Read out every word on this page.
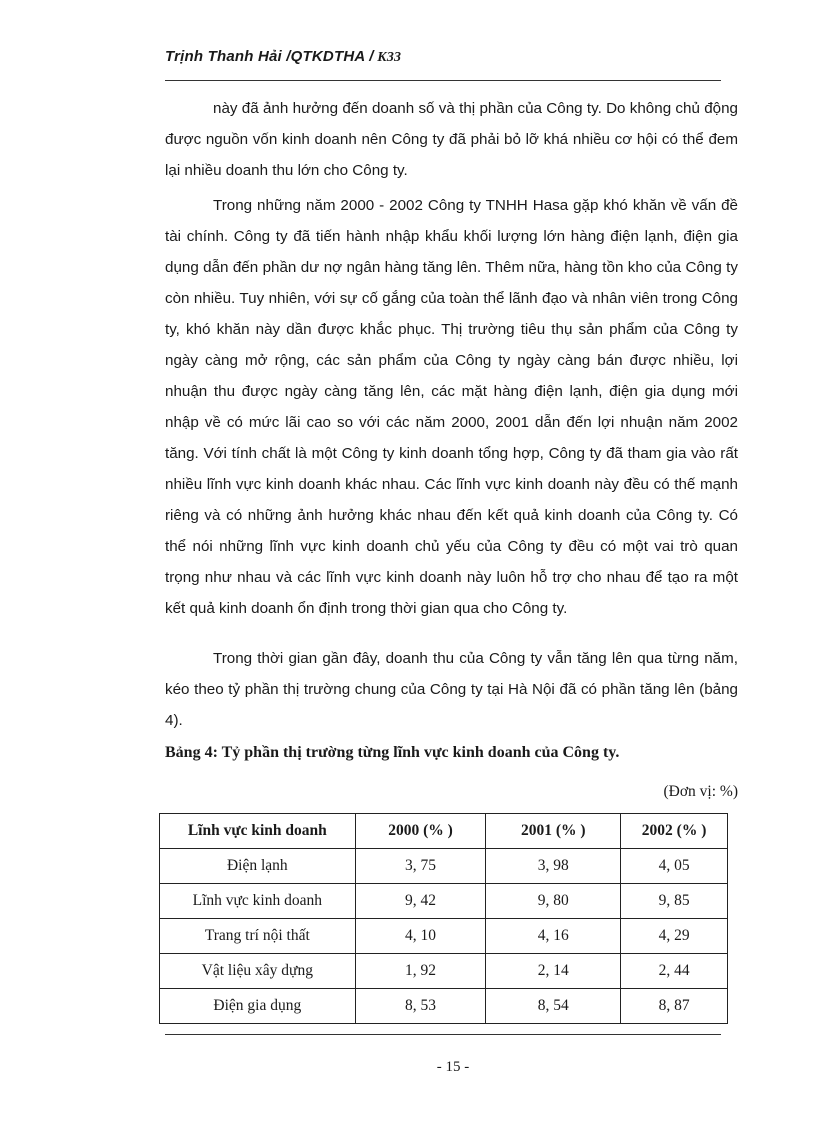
Trịnh Thanh Hải /QTKDTHA / K33

này đã ảnh hưởng đến doanh số và thị phần của Công ty. Do không chủ động được nguồn vốn kinh doanh nên Công ty đã phải bỏ lỡ khá nhiều cơ hội có thể đem lại nhiều doanh thu lớn cho Công ty.

Trong những năm 2000 - 2002 Công ty TNHH Hasa gặp khó khăn về vấn đề tài chính. Công ty đã tiến hành nhập khẩu khối lượng lớn hàng điện lạnh, điện gia dụng dẫn đến phần dư nợ ngân hàng tăng lên. Thêm nữa, hàng tồn kho của Công ty còn nhiều. Tuy nhiên, với sự cố gắng của toàn thể lãnh đạo và nhân viên trong Công ty, khó khăn này dần được khắc phục. Thị trường tiêu thụ sản phẩm của Công ty ngày càng mở rộng, các sản phẩm của Công ty ngày càng bán được nhiều, lợi nhuận thu được ngày càng tăng lên, các mặt hàng điện lạnh, điện gia dụng mới nhập về có mức lãi cao so với các năm 2000, 2001 dẫn đến lợi nhuận năm 2002 tăng. Với tính chất là một Công ty kinh doanh tổng hợp, Công ty đã tham gia vào rất nhiều lĩnh vực kinh doanh khác nhau. Các lĩnh vực kinh doanh này đều có thế mạnh riêng và có những ảnh hưởng khác nhau đến kết quả kinh doanh của Công ty. Có thể nói những lĩnh vực kinh doanh chủ yếu của Công ty đều có một vai trò quan trọng như nhau và các lĩnh vực kinh doanh này luôn hỗ trợ cho nhau để tạo ra một kết quả kinh doanh ổn định trong thời gian qua cho Công ty.

Trong thời gian gần đây, doanh thu của Công ty vẫn tăng lên qua từng năm, kéo theo tỷ phần thị trường chung của Công ty tại Hà Nội đã có phần tăng lên (bảng 4).

Bảng 4: Tỷ phần thị trường từng lĩnh vực kinh doanh của Công ty.
(Đơn vị: %)
Lĩnh vực kinh doanh	2000 (% )	2001 (% )	2002 (% )
Điện lạnh	3, 75	3, 98	4, 05
Lĩnh vực kinh doanh	9, 42	9, 80	9, 85
Trang trí nội thất	4, 10	4, 16	4, 29
Vật liệu xây dựng	1, 92	2, 14	2, 44
Điện gia dụng	8, 53	8, 54	8, 87
- 15 -
